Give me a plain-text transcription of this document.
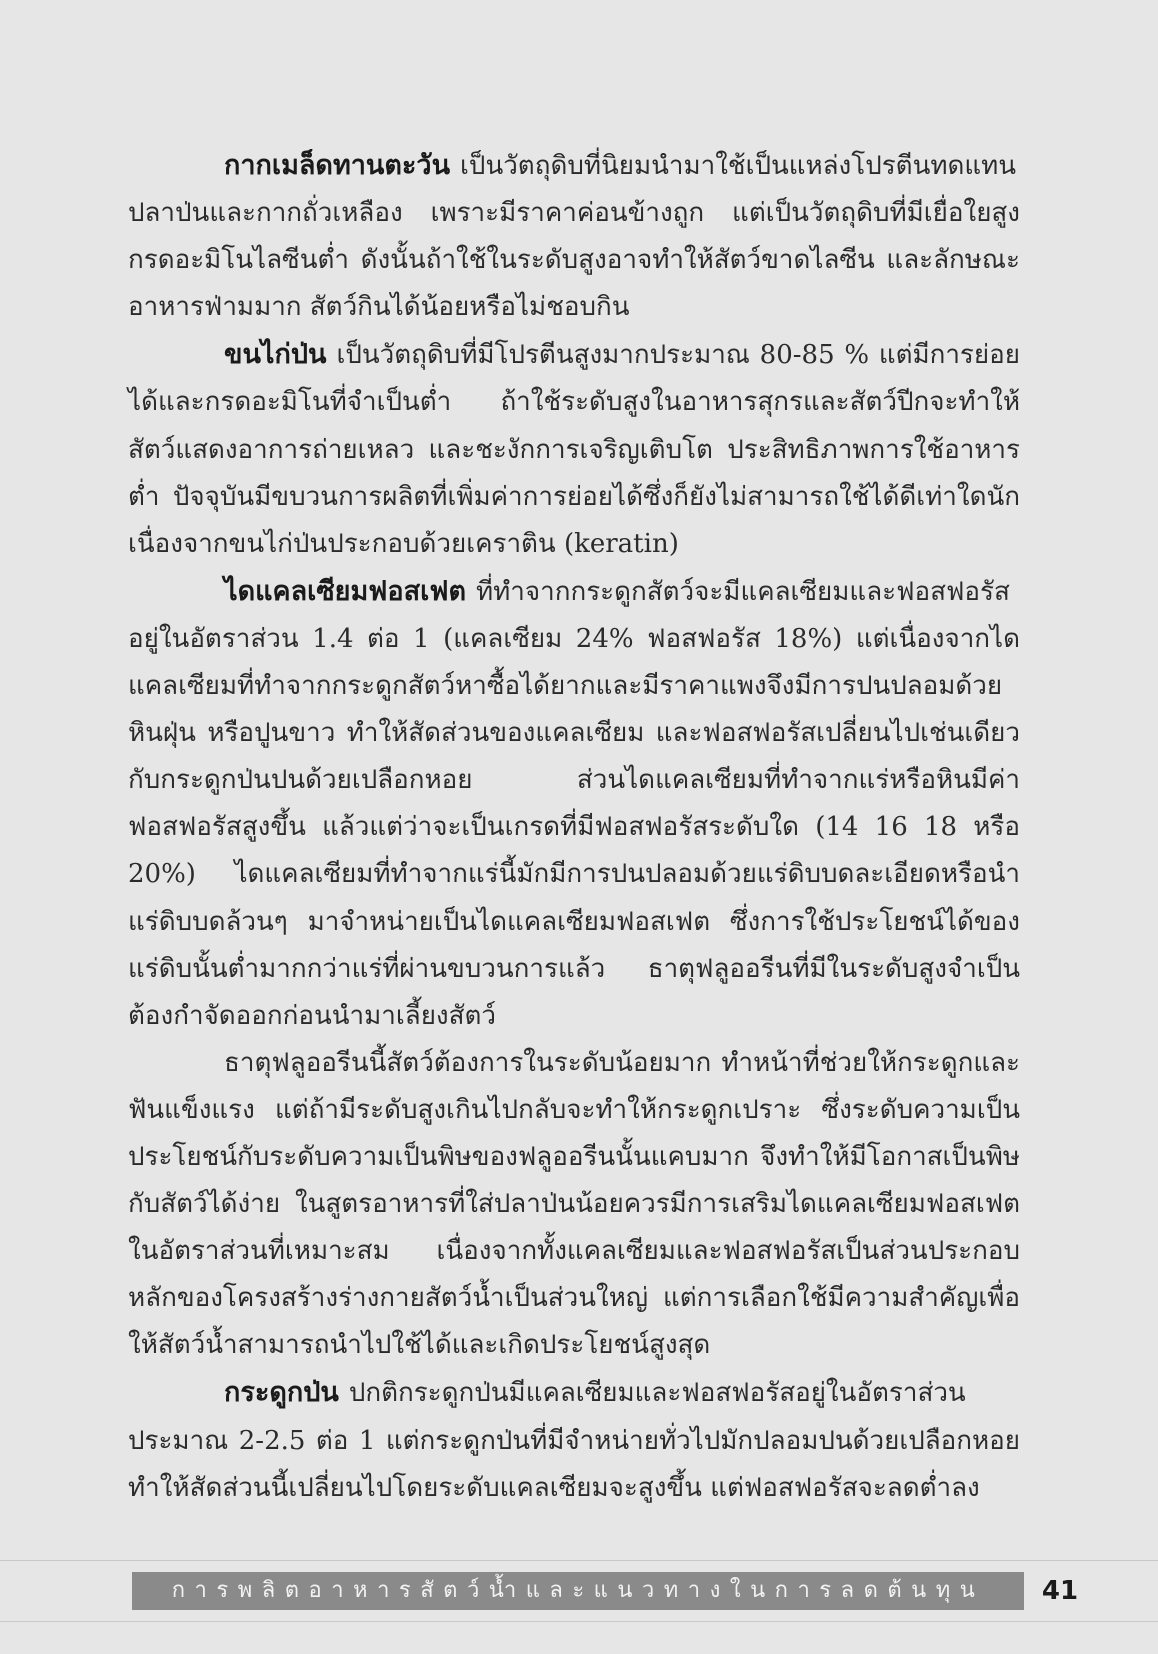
กากเมล็ดทานตะวัน เป็นวัตถุดิบที่นิยมนำมาใช้เป็นแหล่งโปรตีนทดแทนปลาป่นและกากถั่วเหลือง เพราะมีราคาค่อนข้างถูก แต่เป็นวัตถุดิบที่มีเยื่อใยสูง กรดอะมิโนไลซีนต่ำ ดังนั้นถ้าใช้ในระดับสูงอาจทำให้สัตว์ขาดไลซีน และลักษณะอาหารฟ่ามมาก สัตว์กินได้น้อยหรือไม่ชอบกิน

ขนไก่ป่น เป็นวัตถุดิบที่มีโปรตีนสูงมากประมาณ 80-85 % แต่มีการย่อยได้และกรดอะมิโนที่จำเป็นต่ำ ถ้าใช้ระดับสูงในอาหารสุกรและสัตว์ปีกจะทำให้สัตว์แสดงอาการถ่ายเหลว และชะงักการเจริญเติบโต ประสิทธิภาพการใช้อาหารต่ำ ปัจจุบันมีขบวนการผลิตที่เพิ่มค่าการย่อยได้ซึ่งก็ยังไม่สามารถใช้ได้ดีเท่าใดนัก เนื่องจากขนไก่ป่นประกอบด้วยเคราติน (keratin)

ไดแคลเซียมฟอสเฟต ที่ทำจากกระดูกสัตว์จะมีแคลเซียมและฟอสฟอรัสอยู่ในอัตราส่วน 1.4 ต่อ 1 (แคลเซียม 24% ฟอสฟอรัส 18%) แต่เนื่องจากไดแคลเซียมที่ทำจากกระดูกสัตว์หาซื้อได้ยากและมีราคาแพงจึงมีการปนปลอมด้วยหินฝุ่น หรือปูนขาว ทำให้สัดส่วนของแคลเซียม และฟอสฟอรัสเปลี่ยนไปเช่นเดียวกับกระดูกป่นปนด้วยเปลือกหอย ส่วนไดแคลเซียมที่ทำจากแร่หรือหินมีค่าฟอสฟอรัสสูงขึ้น แล้วแต่ว่าจะเป็นเกรดที่มีฟอสฟอรัสระดับใด (14 16 18 หรือ 20%) ไดแคลเซียมที่ทำจากแร่นี้มักมีการปนปลอมด้วยแร่ดิบบดละเอียดหรือนำแร่ดิบบดล้วนๆ มาจำหน่ายเป็นไดแคลเซียมฟอสเฟต ซึ่งการใช้ประโยชน์ได้ของแร่ดิบนั้นต่ำมากกว่าแร่ที่ผ่านขบวนการแล้ว ธาตุฟลูออรีนที่มีในระดับสูงจำเป็นต้องกำจัดออกก่อนนำมาเลี้ยงสัตว์

ธาตุฟลูออรีนนี้สัตว์ต้องการในระดับน้อยมาก ทำหน้าที่ช่วยให้กระดูกและฟันแข็งแรง แต่ถ้ามีระดับสูงเกินไปกลับจะทำให้กระดูกเปราะ ซึ่งระดับความเป็นประโยชน์กับระดับความเป็นพิษของฟลูออรีนนั้นแคบมาก จึงทำให้มีโอกาสเป็นพิษกับสัตว์ได้ง่าย ในสูตรอาหารที่ใส่ปลาป่นน้อยควรมีการเสริมไดแคลเซียมฟอสเฟตในอัตราส่วนที่เหมาะสม เนื่องจากทั้งแคลเซียมและฟอสฟอรัสเป็นส่วนประกอบหลักของโครงสร้างร่างกายสัตว์น้ำเป็นส่วนใหญ่ แต่การเลือกใช้มีความสำคัญเพื่อให้สัตว์น้ำสามารถนำไปใช้ได้และเกิดประโยชน์สูงสุด

กระดูกป่น ปกติกระดูกป่นมีแคลเซียมและฟอสฟอรัสอยู่ในอัตราส่วนประมาณ 2-2.5 ต่อ 1 แต่กระดูกป่นที่มีจำหน่ายทั่วไปมักปลอมปนด้วยเปลือกหอยทำให้สัดส่วนนี้เปลี่ยนไปโดยระดับแคลเซียมจะสูงขึ้น แต่ฟอสฟอรัสจะลดต่ำลง

การพลิตอาหารสัตว์น้ำและแนวทางในการลดต้นทุน	41
